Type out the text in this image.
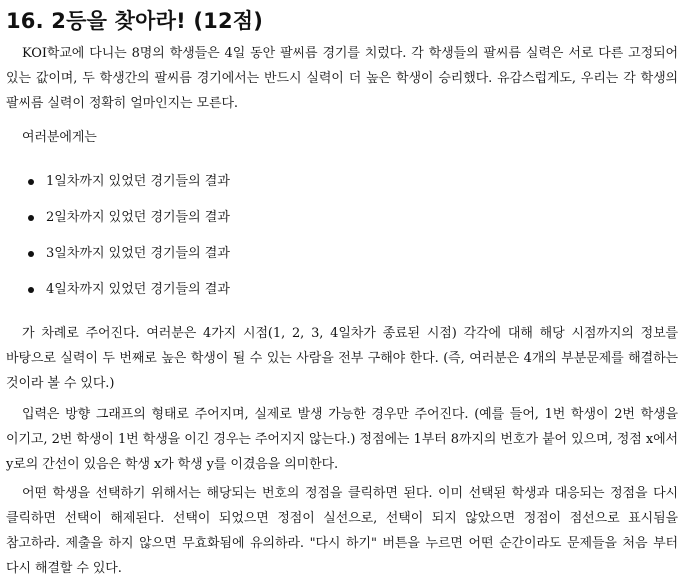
16. 2등을 찾아라! (12점)

KOI학교에 다니는 8명의 학생들은 4일 동안 팔씨름 경기를 치렀다. 각 학생들의 팔씨름 실력은 서로 다른 고정되어 있는 값이며, 두 학생간의 팔씨름 경기에서는 반드시 실력이 더 높은 학생이 승리했다. 유감스럽게도, 우리는 각 학생의 팔씨름 실력이 정확히 얼마인지는 모른다.

여러분에게는

1일차까지 있었던 경기들의 결과
2일차까지 있었던 경기들의 결과
3일차까지 있었던 경기들의 결과
4일차까지 있었던 경기들의 결과

가 차례로 주어진다. 여러분은 4가지 시점(1, 2, 3, 4일차가 종료된 시점) 각각에 대해 해당 시점까지의 정보를 바탕으로 실력이 두 번째로 높은 학생이 될 수 있는 사람을 전부 구해야 한다. (즉, 여러분은 4개의 부분문제를 해결하는 것이라 볼 수 있다.)

입력은 방향 그래프의 형태로 주어지며, 실제로 발생 가능한 경우만 주어진다. (예를 들어, 1번 학생이 2번 학생을 이기고, 2번 학생이 1번 학생을 이긴 경우는 주어지지 않는다.) 정점에는 1부터 8까지의 번호가 붙어 있으며, 정점 x에서 y로의 간선이 있음은 학생 x가 학생 y를 이겼음을 의미한다.

어떤 학생을 선택하기 위해서는 해당되는 번호의 정점을 클릭하면 된다. 이미 선택된 학생과 대응되는 정점을 다시 클릭하면 선택이 해제된다. 선택이 되었으면 정점이 실선으로, 선택이 되지 않았으면 정점이 점선으로 표시됨을 참고하라. 제출을 하지 않으면 무효화됨에 유의하라. "다시 하기" 버튼을 누르면 어떤 순간이라도 문제들을 처음 부터 다시 해결할 수 있다.
